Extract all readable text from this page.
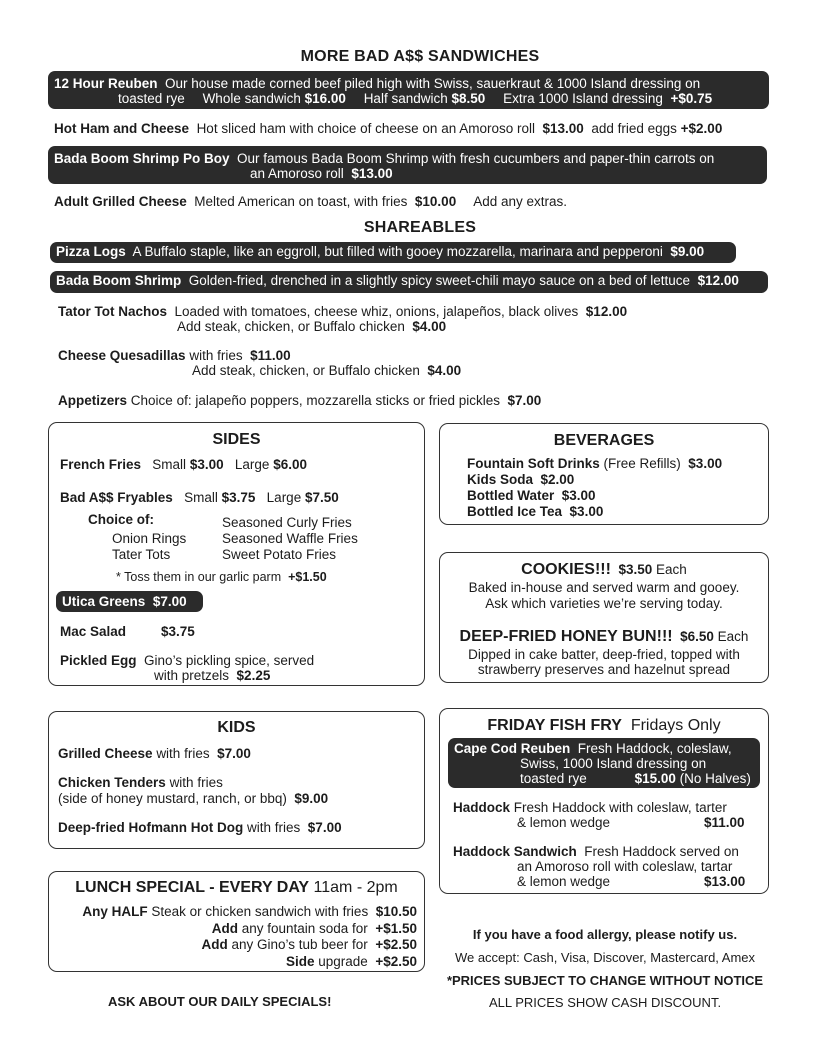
MORE BAD A$$ SANDWICHES
12 Hour Reuben Our house made corned beef piled high with Swiss, sauerkraut & 1000 Island dressing on
toasted rye Whole sandwich $16.00 Half sandwich $8.50 Extra 1000 Island dressing +$0.75
Hot Ham and Cheese Hot sliced ham with choice of cheese on an Amoroso roll $13.00 add fried eggs +$2.00
Bada Boom Shrimp Po Boy Our famous Bada Boom Shrimp with fresh cucumbers and paper-thin carrots on
an Amoroso roll $13.00
Adult Grilled Cheese Melted American on toast, with fries $10.00 Add any extras.
SHAREABLES
Pizza Logs A Buffalo staple, like an eggroll, but filled with gooey mozzarella, marinara and pepperoni $9.00
Bada Boom Shrimp Golden-fried, drenched in a slightly spicy sweet-chili mayo sauce on a bed of lettuce $12.00
Tator Tot Nachos Loaded with tomatoes, cheese whiz, onions, jalapeños, black olives $12.00
Add steak, chicken, or Buffalo chicken $4.00
Cheese Quesadillas with fries $11.00
Add steak, chicken, or Buffalo chicken $4.00
Appetizers Choice of: jalapeño poppers, mozzarella sticks or fried pickles $7.00
SIDES
French Fries Small $3.00 Large $6.00
Bad A$$ Fryables Small $3.75 Large $7.50
Choice of:
Onion Rings
Tater Tots
Seasoned Curly Fries
Seasoned Waffle Fries
Sweet Potato Fries
* Toss them in our garlic parm +$1.50
Utica Greens $7.00
Mac Salad	$3.75
Pickled Egg Gino’s pickling spice, served
with pretzels $2.25
BEVERAGES
Fountain Soft Drinks (Free Refills) $3.00
Kids Soda $2.00
Bottled Water $3.00
Bottled Ice Tea $3.00
COOKIES!!! $3.50 Each
Baked in-house and served warm and gooey.
Ask which varieties we’re serving today.
DEEP-FRIED HONEY BUN!!! $6.50 Each
Dipped in cake batter, deep-fried, topped with
strawberry preserves and hazelnut spread
KIDS
Grilled Cheese with fries $7.00
Chicken Tenders with fries
(side of honey mustard, ranch, or bbq) $9.00
Deep-fried Hofmann Hot Dog with fries $7.00
FRIDAY FISH FRY Fridays Only
Cape Cod Reuben Fresh Haddock, coleslaw,
Swiss, 1000 Island dressing on
toasted rye	$15.00 (No Halves)
Haddock Fresh Haddock with coleslaw, tarter
& lemon wedge	$11.00
Haddock Sandwich Fresh Haddock served on
an Amoroso roll with coleslaw, tartar
& lemon wedge	$13.00
LUNCH SPECIAL - EVERY DAY 11am - 2pm
Any HALF Steak or chicken sandwich with fries $10.50
Add any fountain soda for +$1.50
Add any Gino’s tub beer for +$2.50
Side upgrade +$2.50
ASK ABOUT OUR DAILY SPECIALS!
If you have a food allergy, please notify us.
We accept: Cash, Visa, Discover, Mastercard, Amex
*PRICES SUBJECT TO CHANGE WITHOUT NOTICE
ALL PRICES SHOW CASH DISCOUNT.
